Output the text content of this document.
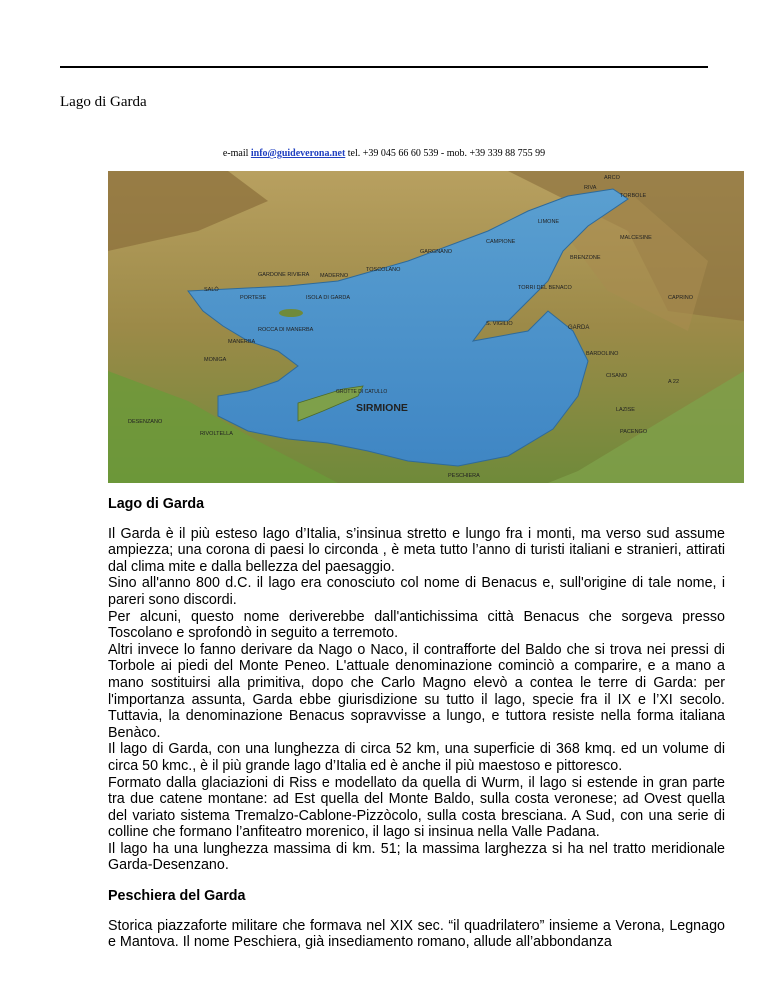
Lago di Garda
e-mail info@guideverona.net tel. +39 045 66 60 539 - mob. +39 339 88 755 99
SIRMIONE
ARCO
RIVA
TORBOLE
LIMONE
MALCESINE
CAMPIONE
BRENZONE
GARGNANO
GARDONE RIVIERA
TOSCOLANO
MADERNO
TORRI DEL BENACO
SALÒ
PORTESE	ISOLA DI GARDA
GARDA
ROCCA DI MANERBA
MANERBA
MONIGA
BARDOLINO
CISANO
LAZISE
DESENZANO
RIVOLTELLA
PESCHIERA
PACENGO
GROTTE DI CATULLO
S. VIGILIO
CAPRINO
A 22
Lago di Garda

Il Garda è il più esteso lago d’Italia, s’insinua stretto e lungo fra i monti, ma verso sud assume ampiezza; una corona di paesi lo circonda , è meta tutto l’anno di turisti italiani e stranieri, attirati dal clima mite e dalla bellezza del paesaggio.

Sino all'anno 800 d.C. il lago era conosciuto col nome di Benacus e, sull'origine di tale nome, i pareri sono discordi.

Per alcuni, questo nome deriverebbe dall'antichissima città Benacus che sorgeva presso Toscolano e sprofondò in seguito a terremoto.

Altri invece lo fanno derivare da Nago o Naco, il contrafforte del Baldo che si trova nei pressi di Torbole ai piedi del Monte Peneo. L'attuale denominazione cominciò a comparire, e a mano a mano sostituirsi alla primitiva, dopo che Carlo Magno elevò a contea le terre di Garda: per l'importanza assunta, Garda ebbe giurisdizione su tutto il lago, specie fra il IX e l’XI secolo. Tuttavia, la denominazione Benacus sopravvisse a lungo, e tuttora resiste nella forma italiana Benàco.

Il lago di Garda, con una lunghezza di circa 52 km, una superficie di 368 kmq. ed un volume di circa 50 kmc., è il più grande lago d’Italia ed è anche il più maestoso e pittoresco.

Formato dalla glaciazioni di Riss e modellato da quella di Wurm, il lago si estende in gran parte tra due catene montane: ad Est quella del Monte Baldo, sulla costa veronese; ad Ovest quella del variato sistema Tremalzo-Cablone-Pizzòcolo, sulla costa bresciana. A Sud, con una serie di colline che formano l’anfiteatro morenico, il lago si insinua nella Valle Padana.

Il lago ha una lunghezza massima di km. 51; la massima larghezza si ha nel tratto meridionale Garda-Desenzano.

Peschiera del Garda

Storica piazzaforte militare che formava nel XIX sec. “il quadrilatero” insieme a Verona, Legnago e Mantova. Il nome Peschiera, già insediamento romano, allude all’abbondanza
